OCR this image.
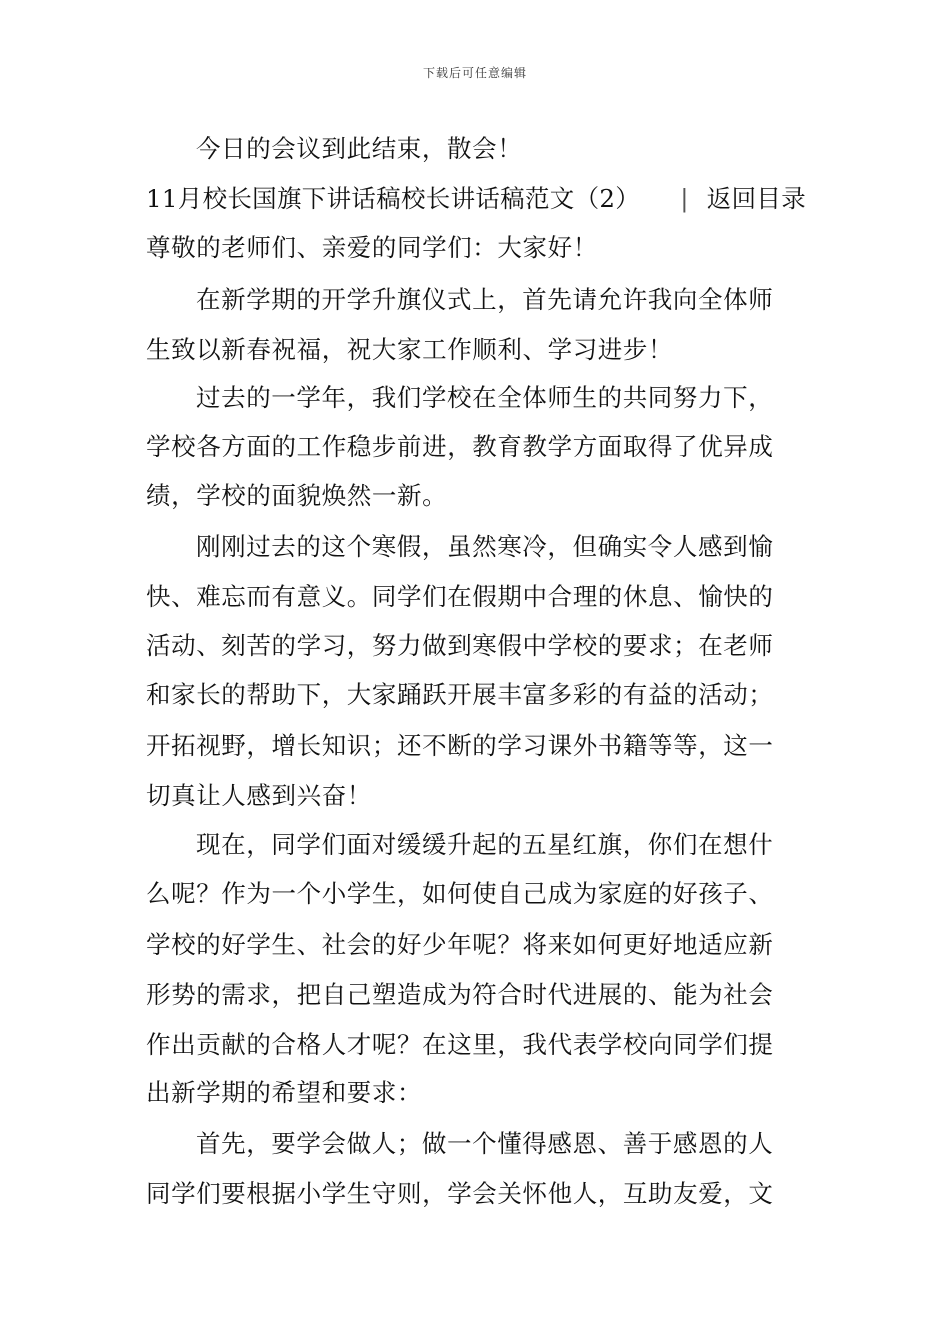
下载后可任意编辑
今日的会议到此结束，散会！
11月校长国旗下讲话稿校长讲话稿范文（2）	| 返回目录
尊敬的老师们、亲爱的同学们：大家好！
在新学期的开学升旗仪式上，首先请允许我向全体师
生致以新春祝福，祝大家工作顺利、学习进步！
过去的一学年，我们学校在全体师生的共同努力下，
学校各方面的工作稳步前进，教育教学方面取得了优异成
绩，学校的面貌焕然一新。
刚刚过去的这个寒假，虽然寒冷，但确实令人感到愉
快、难忘而有意义。同学们在假期中合理的休息、愉快的
活动、刻苦的学习，努力做到寒假中学校的要求；在老师
和家长的帮助下，大家踊跃开展丰富多彩的有益的活动；
开拓视野，增长知识；还不断的学习课外书籍等等，这一
切真让人感到兴奋！
现在，同学们面对缓缓升起的五星红旗，你们在想什
么呢？作为一个小学生，如何使自己成为家庭的好孩子、
学校的好学生、社会的好少年呢？将来如何更好地适应新
形势的需求，把自己塑造成为符合时代进展的、能为社会
作出贡献的合格人才呢？在这里，我代表学校向同学们提
出新学期的希望和要求：
首先，要学会做人；做一个懂得感恩、善于感恩的人
同学们要根据小学生守则，学会关怀他人，互助友爱，文
